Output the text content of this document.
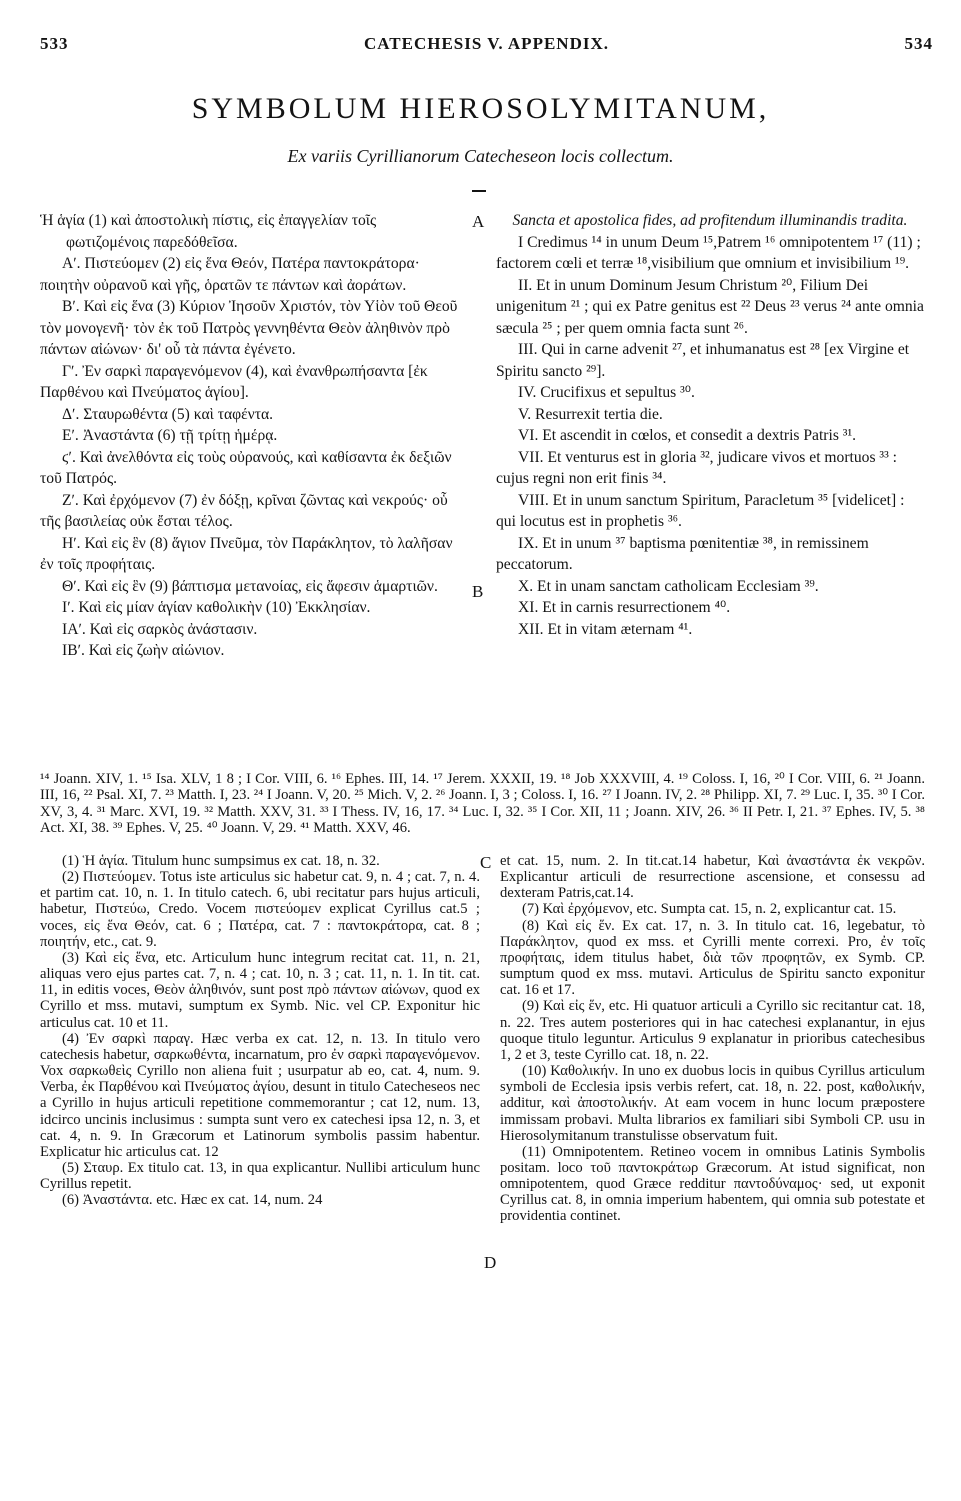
533	CATECHESIS V. APPENDIX.	534
SYMBOLUM HIEROSOLYMITANUM,
Ex variis Cyrillianorum Catecheseon locis collectum.
A
B
C
D

Ἡ ἁγία (1) καὶ ἀποστολικὴ πίστις, εἰς ἐπαγγελίαν τοῖς φωτιζομένοις παρεδόθεῖσα.

Αʹ. Πιστεύομεν (2) εἰς ἕνα Θεόν, Πατέρα παντοκράτορα· ποιητὴν οὐρανοῦ καὶ γῆς, ὁρατῶν τε πάντων καὶ ἀοράτων.

Βʹ. Καὶ εἰς ἕνα (3) Κύριον Ἰησοῦν Χριστόν, τὸν Υἱὸν τοῦ Θεοῦ τὸν μονογενῆ· τὸν ἐκ τοῦ Πατρὸς γεννηθέντα Θεὸν ἀληθινὸν πρὸ πάντων αἰώνων· δι' οὗ τὰ πάντα ἐγένετο.

Γʹ. Ἐν σαρκὶ παραγενόμενον (4), καὶ ἐνανθρωπήσαντα [ἐκ Παρθένου καὶ Πνεύματος ἁγίου].

Δʹ. Σταυρωθέντα (5) καὶ ταφέντα.

Εʹ. Ἀναστάντα (6) τῇ τρίτῃ ἡμέρᾳ.

ϛʹ. Καὶ ἀνελθόντα εἰς τοὺς οὐρανούς, καὶ καθίσαντα ἐκ δεξιῶν τοῦ Πατρός.

Ζʹ. Καὶ ἐρχόμενον (7) ἐν δόξῃ, κρῖναι ζῶντας καὶ νεκρούς· οὗ τῆς βασιλείας οὐκ ἔσται τέλος.

Ηʹ. Καὶ εἰς ἓν (8) ἅγιον Πνεῦμα, τὸν Παράκλητον, τὸ λαλῆσαν ἐν τοῖς προφήταις.

Θʹ. Καὶ εἰς ἓν (9) βάπτισμα μετανοίας, εἰς ἄφεσιν ἁμαρτιῶν.

Ιʹ. Καὶ εἰς μίαν ἁγίαν καθολικὴν (10) Ἐκκλησίαν.

ΙΑʹ. Καὶ εἰς σαρκὸς ἀνάστασιν.

ΙΒʹ. Καὶ εἰς ζωὴν αἰώνιον.

Sancta et apostolica fides, ad profitendum illuminandis tradita.

I Credimus ¹⁴ in unum Deum ¹⁵,Patrem ¹⁶ omnipotentem ¹⁷ (11) ; factorem cœli et terræ ¹⁸,visibilium que omnium et invisibilium ¹⁹.

II. Et in unum Dominum Jesum Christum ²⁰, Filium Dei unigenitum ²¹ ; qui ex Patre genitus est ²² Deus ²³ verus ²⁴ ante omnia sæcula ²⁵ ; per quem omnia facta sunt ²⁶.

III. Qui in carne advenit ²⁷, et inhumanatus est ²⁸ [ex Virgine et Spiritu sancto ²⁹].

IV. Crucifixus et sepultus ³⁰.

V. Resurrexit tertia die.

VI. Et ascendit in cœlos, et consedit a dextris Patris ³¹.

VII. Et venturus est in gloria ³², judicare vivos et mortuos ³³ : cujus regni non erit finis ³⁴.

VIII. Et in unum sanctum Spiritum, Paracletum ³⁵ [videlicet] : qui locutus est in prophetis ³⁶.

IX. Et in unum ³⁷ baptisma pœnitentiæ ³⁸, in remissinem peccatorum.

X. Et in unam sanctam catholicam Ecclesiam ³⁹.

XI. Et in carnis resurrectionem ⁴⁰.

XII. Et in vitam æternam ⁴¹.

¹⁴ Joann. XIV, 1. ¹⁵ Isa. XLV, 1 8 ; I Cor. VIII, 6. ¹⁶ Ephes. III, 14. ¹⁷ Jerem. XXXII, 19. ¹⁸ Job XXXVIII, 4. ¹⁹ Coloss. I, 16, ²⁰ I Cor. VIII, 6. ²¹ Joann. III, 16, ²² Psal. XI, 7. ²³ Matth. I, 23. ²⁴ I Joann. V, 20. ²⁵ Mich. V, 2. ²⁶ Joann. I, 3 ; Coloss. I, 16. ²⁷ I Joann. IV, 2. ²⁸ Philipp. XI, 7. ²⁹ Luc. I, 35. ³⁰ I Cor. XV, 3, 4. ³¹ Marc. XVI, 19. ³² Matth. XXV, 31. ³³ I Thess. IV, 16, 17. ³⁴ Luc. I, 32. ³⁵ I Cor. XII, 11 ; Joann. XIV, 26. ³⁶ II Petr. I, 21. ³⁷ Ephes. IV, 5. ³⁸ Act. XI, 38. ³⁹ Ephes. V, 25. ⁴⁰ Joann. V, 29. ⁴¹ Matth. XXV, 46.

(1) Ἡ ἁγία. Titulum hunc sumpsimus ex cat. 18, n. 32.

(2) Πιστεύομεν. Totus iste articulus sic habetur cat. 9, n. 4 ; cat. 7, n. 4. et partim cat. 10, n. 1. In titulo catech. 6, ubi recitatur pars hujus articuli, habetur, Πιστεύω, Credo. Vocem πιστεύομεν explicat Cyrillus cat.5 ; voces, εἰς ἕνα Θεόν, cat. 6 ; Πατέρα, cat. 7 : παντοκράτορα, cat. 8 ; ποιητήν, etc., cat. 9.

(3) Καὶ εἰς ἕνα, etc. Articulum hunc integrum recitat cat. 11, n. 21, aliquas vero ejus partes cat. 7, n. 4 ; cat. 10, n. 3 ; cat. 11, n. 1. In tit. cat. 11, in editis voces, Θεὸν ἀληθινόν, sunt post πρὸ πάντων αἰώνων, quod ex Cyrillo et mss. mutavi, sumptum ex Symb. Nic. vel CP. Exponitur hic articulus cat. 10 et 11.

(4) Ἐν σαρκὶ παραγ. Hæc verba ex cat. 12, n. 13. In titulo vero catechesis habetur, σαρκωθέντα, incarnatum, pro ἐν σαρκὶ παραγενόμενον. Vox σαρκωθεὶς Cyrillo non aliena fuit ; usurpatur ab eo, cat. 4, num. 9. Verba, ἐκ Παρθένου καὶ Πνεύματος ἁγίου, desunt in titulo Catecheseos nec a Cyrillo in hujus articuli repetitione commemorantur ; cat 12, num. 13, idcirco uncinis inclusimus : sumpta sunt vero ex catechesi ipsa 12, n. 3, et cat. 4, n. 9. In Græcorum et Latinorum symbolis passim habentur. Explicatur hic articulus cat. 12

(5) Σταυρ. Ex titulo cat. 13, in qua explicantur. Nullibi articulum hunc Cyrillus repetit.

(6) Ἀναστάντα. etc. Hæc ex cat. 14, num. 24

et cat. 15, num. 2. In tit.cat.14 habetur, Καὶ ἀναστάντα ἐκ νεκρῶν. Explicantur articuli de resurrectione ascensione, et consessu ad dexteram Patris,cat.14.

(7) Καὶ ἐρχόμενον, etc. Sumpta cat. 15, n. 2, explicantur cat. 15.

(8) Καὶ εἰς ἕν. Ex cat. 17, n. 3. In titulo cat. 16, legebatur, τὸ Παράκλητον, quod ex mss. et Cyrilli mente correxi. Pro, ἐν τοῖς προφήταις, idem titulus habet, διὰ τῶν προφητῶν, ex Symb. CP. sumptum quod ex mss. mutavi. Articulus de Spiritu sancto exponitur cat. 16 et 17.

(9) Καὶ εἰς ἕν, etc. Hi quatuor articuli a Cyrillo sic recitantur cat. 18, n. 22. Tres autem posteriores qui in hac catechesi explanantur, in ejus quoque titulo leguntur. Articulus 9 explanatur in prioribus catechesibus 1, 2 et 3, teste Cyrillo cat. 18, n. 22.

(10) Καθολικήν. In uno ex duobus locis in quibus Cyrillus articulum symboli de Ecclesia ipsis verbis refert, cat. 18, n. 22. post, καθολικήν, additur, καὶ ἀποστολικήν. At eam vocem in hunc locum præpostere immissam probavi. Multa librarios ex familiari sibi Symboli CP. usu in Hierosolymitanum transtulisse observatum fuit.

(11) Omnipotentem. Retineo vocem in omnibus Latinis Symbolis positam. loco τοῦ παντοκράτωρ Græcorum. At istud significat, non omnipotentem, quod Græce redditur παντοδύναμος· sed, ut exponit Cyrillus cat. 8, in omnia imperium habentem, qui omnia sub potestate et providentia continet.
